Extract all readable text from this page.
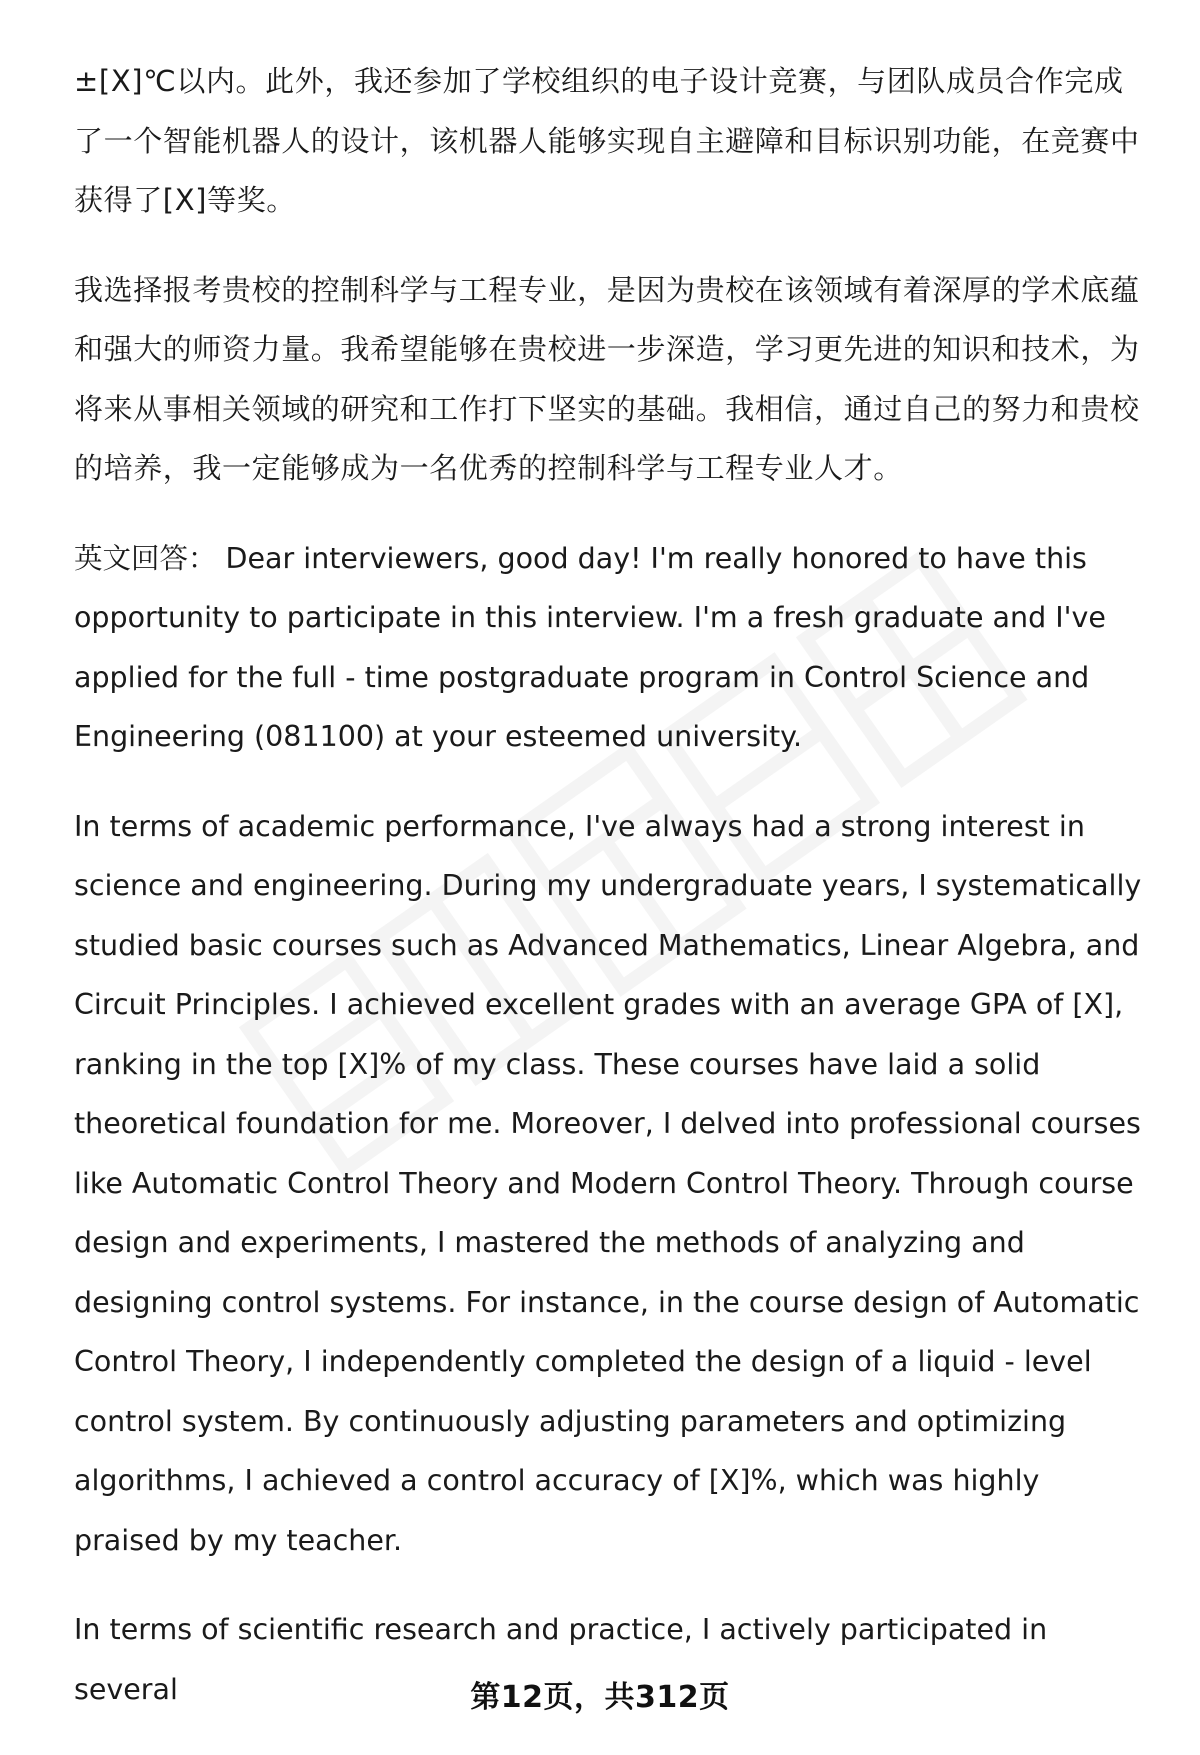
±[X]℃以内。此外，我还参加了学校组织的电子设计竞赛，与团队成员合作完成了一个智能机器人的设计，该机器人能够实现自主避障和目标识别功能，在竞赛中获得了[X]等奖。

我选择报考贵校的控制科学与工程专业，是因为贵校在该领域有着深厚的学术底蕴和强大的师资力量。我希望能够在贵校进一步深造，学习更先进的知识和技术，为将来从事相关领域的研究和工作打下坚实的基础。我相信，通过自己的努力和贵校的培养，我一定能够成为一名优秀的控制科学与工程专业人才。

英文回答： Dear interviewers, good day! I'm really honored to have this opportunity to participate in this interview. I'm a fresh graduate and I've applied for the full - time postgraduate program in Control Science and Engineering (081100) at your esteemed university.

In terms of academic performance, I've always had a strong interest in science and engineering. During my undergraduate years, I systematically studied basic courses such as Advanced Mathematics, Linear Algebra, and Circuit Principles. I achieved excellent grades with an average GPA of [X], ranking in the top [X]% of my class. These courses have laid a solid theoretical foundation for me. Moreover, I delved into professional courses like Automatic Control Theory and Modern Control Theory. Through course design and experiments, I mastered the methods of analyzing and designing control systems. For instance, in the course design of Automatic Control Theory, I independently completed the design of a liquid - level control system. By continuously adjusting parameters and optimizing algorithms, I achieved a control accuracy of [X]%, which was highly praised by my teacher.

In terms of scientific research and practice, I actively participated in several	第12页，共312页
